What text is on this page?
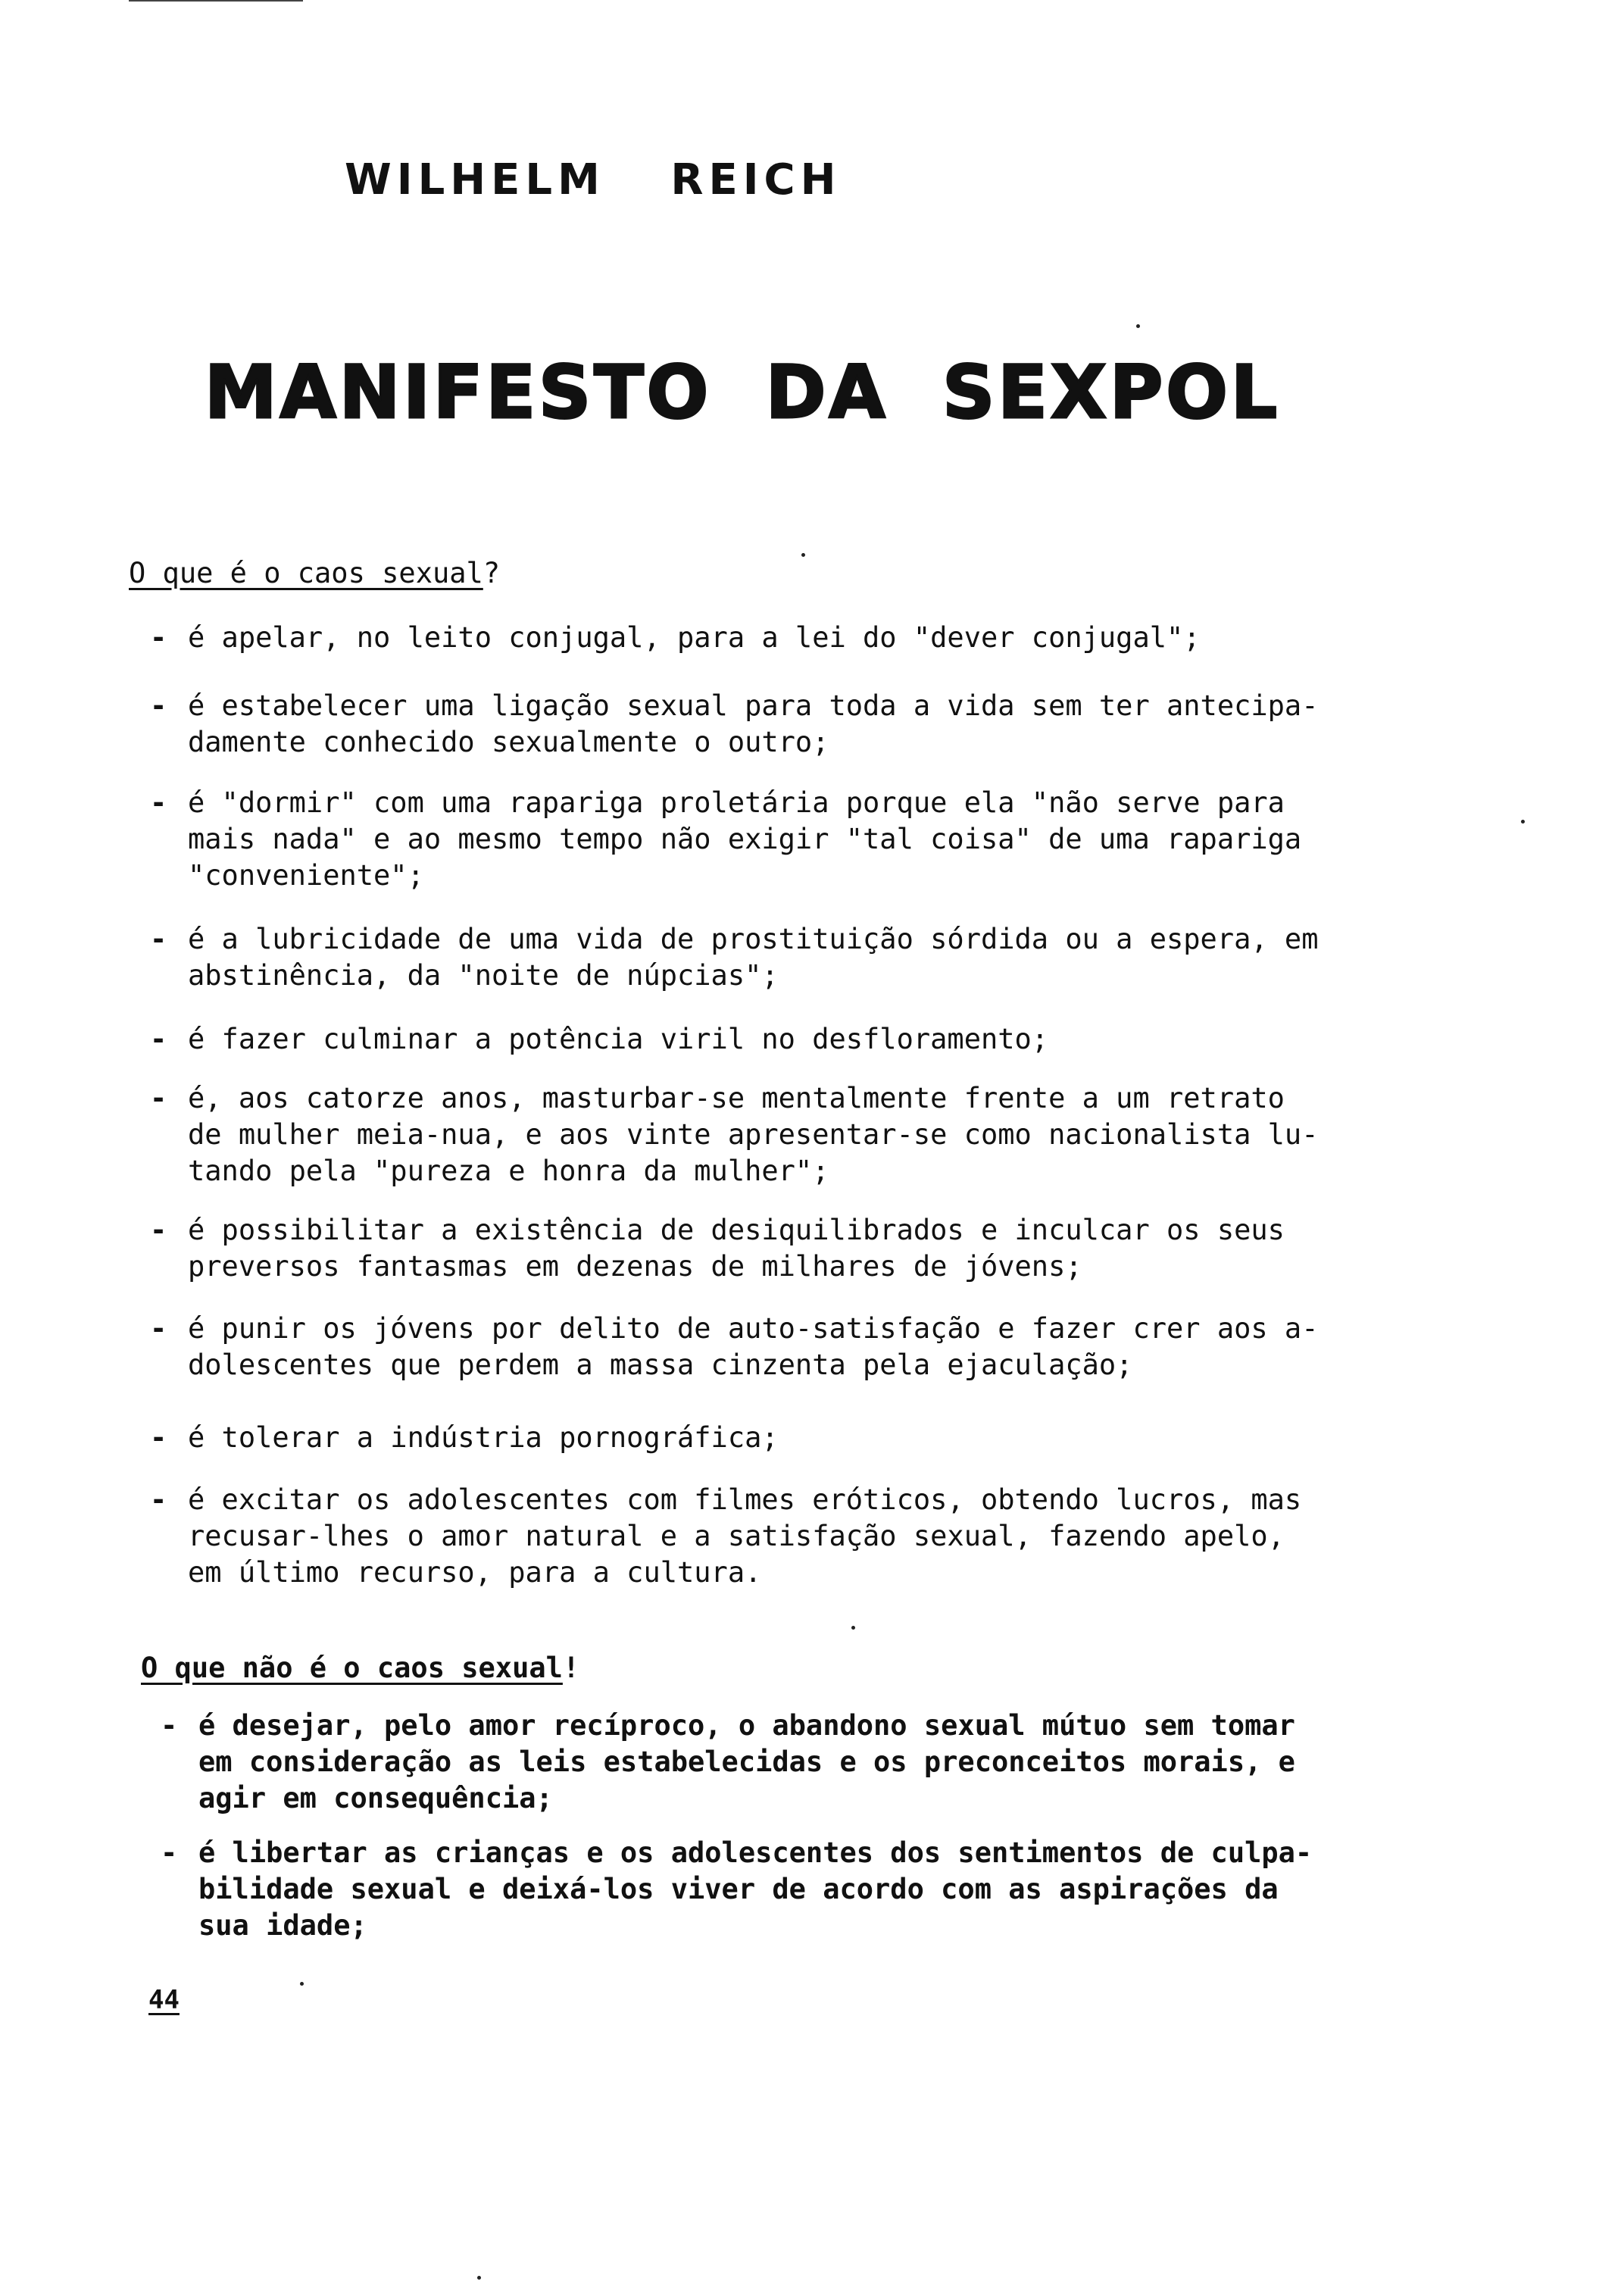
WILHELM REICH
MANIFESTO DA SEXPOL
O que é o caos sexual?
- é apelar, no leito conjugal, para a lei do "dever conjugal";
- é estabelecer uma ligação sexual para toda a vida sem ter antecipa-
damente conhecido sexualmente o outro;
- é "dormir" com uma rapariga proletária porque ela "não serve para
mais nada" e ao mesmo tempo não exigir "tal coisa" de uma rapariga
"conveniente";
- é a lubricidade de uma vida de prostituição sórdida ou a espera, em
abstinência, da "noite de núpcias";
- é fazer culminar a potência viril no desfloramento;
- é, aos catorze anos, masturbar-se mentalmente frente a um retrato
de mulher meia-nua, e aos vinte apresentar-se como nacionalista lu-
tando pela "pureza e honra da mulher";
- é possibilitar a existência de desiquilibrados e inculcar os seus
preversos fantasmas em dezenas de milhares de jóvens;
- é punir os jóvens por delito de auto-satisfação e fazer crer aos a-
dolescentes que perdem a massa cinzenta pela ejaculação;
- é tolerar a indústria pornográfica;
- é excitar os adolescentes com filmes eróticos, obtendo lucros, mas
recusar-lhes o amor natural e a satisfação sexual, fazendo apelo,
em último recurso, para a cultura.
O que não é o caos sexual!
- é desejar, pelo amor recíproco, o abandono sexual mútuo sem tomar
em consideração as leis estabelecidas e os preconceitos morais, e
agir em consequência;
- é libertar as crianças e os adolescentes dos sentimentos de culpa-
bilidade sexual e deixá-los viver de acordo com as aspirações da
sua idade;
44
